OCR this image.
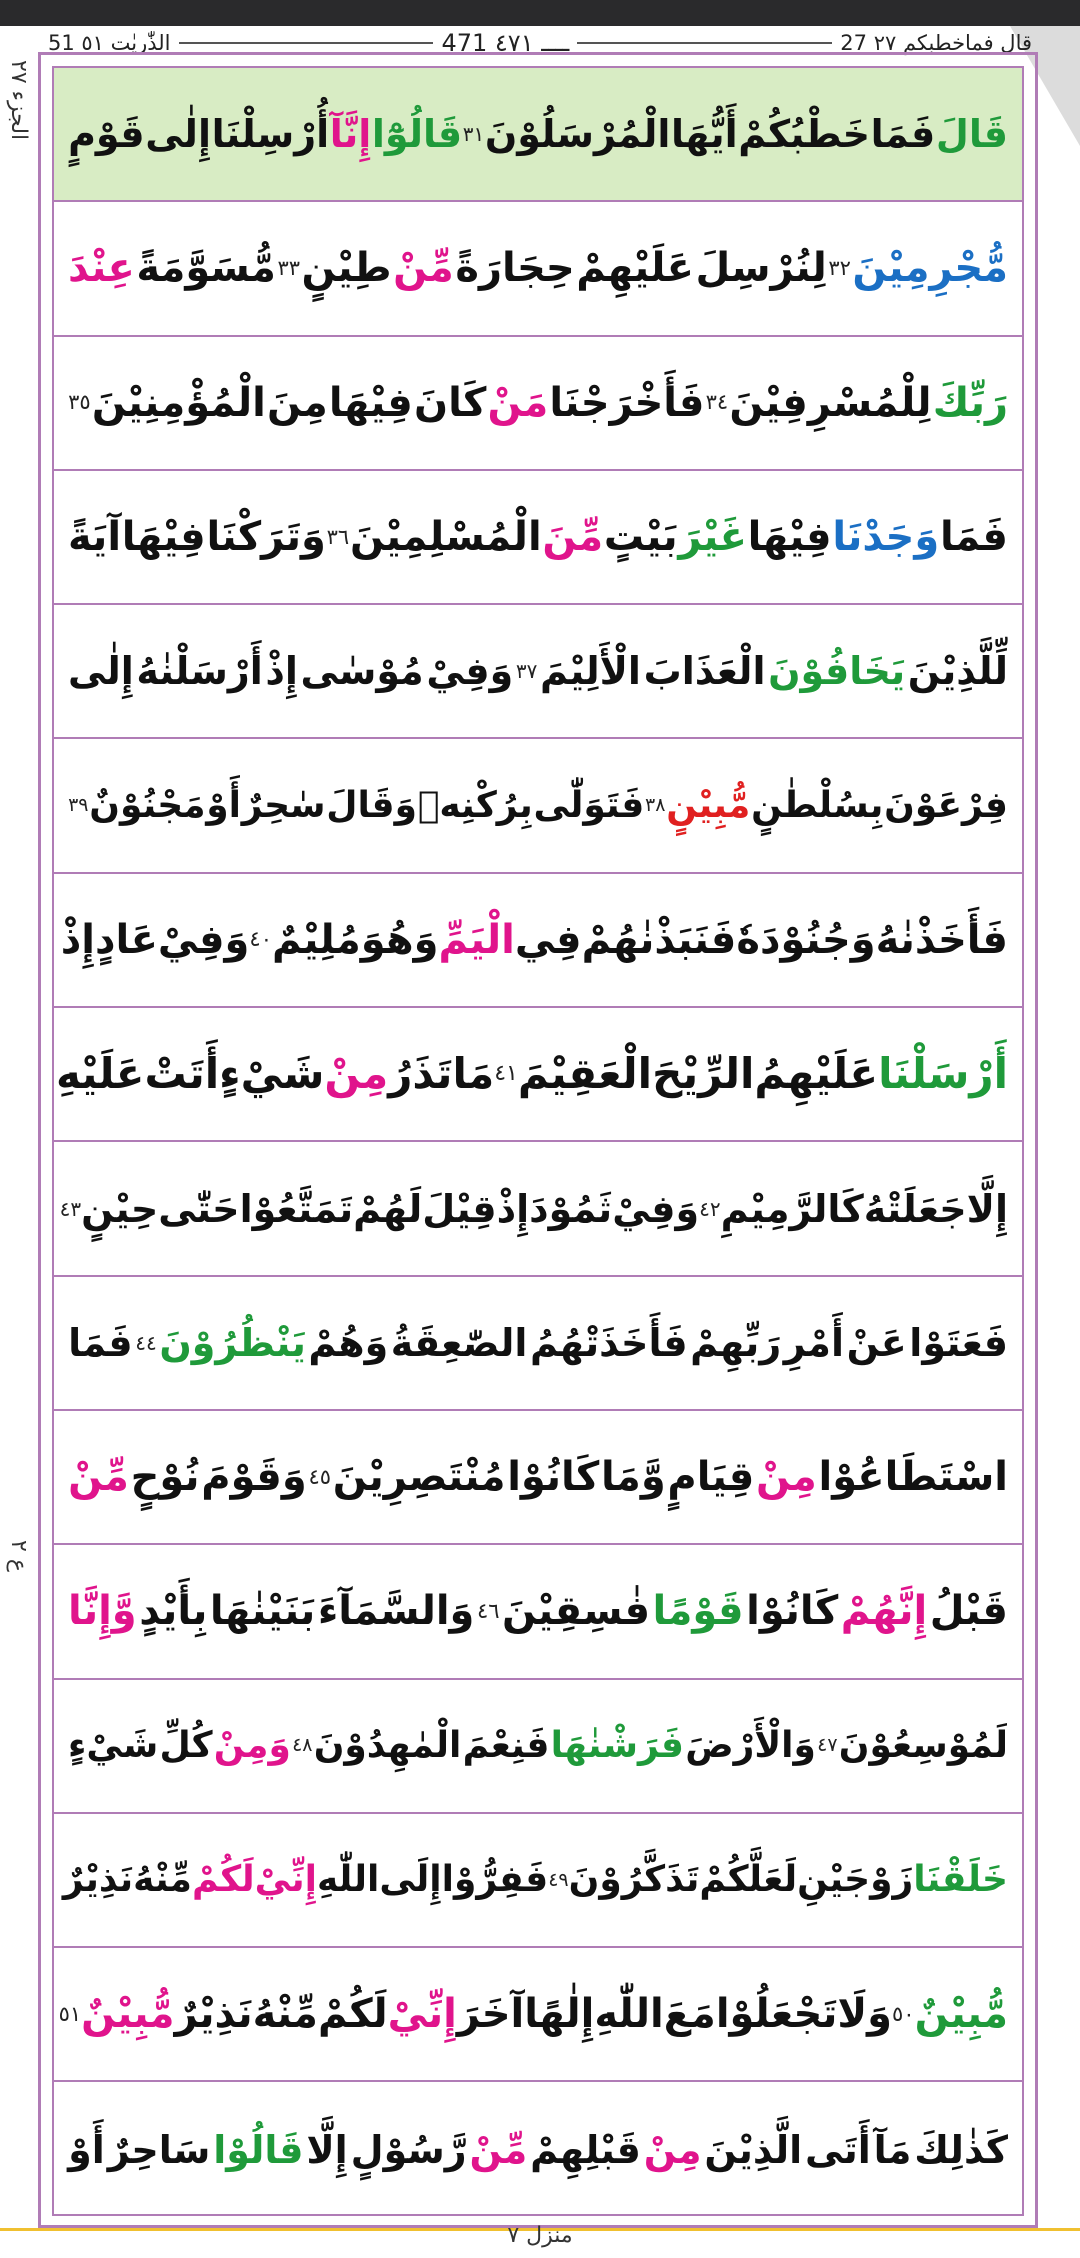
51 الذّٰریٰت ٥١	471 ــــ ٤٧١	27 قال فماخطبكم ٢٧
الجزء ٢٧
ع ٢
قَالَ
فَمَا
خَطْبُكُمْ
أَيُّهَا
الْمُرْسَلُوْنَ
٣١
قَالُوْٓا
إِنَّآ
أُرْسِلْنَا
إِلٰى
قَوْمٍ
مُّجْرِمِيْنَ
٣٢
لِنُرْسِلَ
عَلَيْهِمْ
حِجَارَةً
مِّنْ
طِيْنٍ
٣٣
مُّسَوَّمَةً
عِنْدَ
رَبِّكَ
لِلْمُسْرِفِيْنَ
٣٤
فَأَخْرَجْنَا
مَنْ
كَانَ
فِيْهَا
مِنَ
الْمُؤْمِنِيْنَ
٣٥
فَمَا
وَجَدْنَا
فِيْهَا
غَيْرَ
بَيْتٍ
مِّنَ
الْمُسْلِمِيْنَ
٣٦
وَتَرَكْنَا
فِيْهَا
آيَةً
لِّلَّذِيْنَ
يَخَافُوْنَ
الْعَذَابَ
الْأَلِيْمَ
٣٧
وَفِيْ
مُوْسٰى
إِذْ
أَرْسَلْنٰهُ
إِلٰى
فِرْعَوْنَ
بِسُلْطٰنٍ
مُّبِيْنٍ
٣٨
فَتَوَلّٰى
بِرُكْنِهٖ
وَقَالَ
سٰحِرٌ
أَوْ
مَجْنُوْنٌ
٣٩
فَأَخَذْنٰهُ
وَجُنُوْدَهٗ
فَنَبَذْنٰهُمْ
فِي
الْيَمِّ
وَهُوَ
مُلِيْمٌ
٤٠
وَفِيْ
عَادٍ
إِذْ
أَرْسَلْنَا
عَلَيْهِمُ
الرِّيْحَ
الْعَقِيْمَ
٤١
مَا
تَذَرُ
مِنْ
شَيْءٍ
أَتَتْ
عَلَيْهِ
إِلَّا
جَعَلَتْهُ
كَالرَّمِيْمِ
٤٢
وَفِيْ
ثَمُوْدَ
إِذْ
قِيْلَ
لَهُمْ
تَمَتَّعُوْا
حَتّٰى
حِيْنٍ
٤٣
فَعَتَوْا
عَنْ
أَمْرِ
رَبِّهِمْ
فَأَخَذَتْهُمُ
الصّٰعِقَةُ
وَهُمْ
يَنْظُرُوْنَ
٤٤
فَمَا
اسْتَطَاعُوْا
مِنْ
قِيَامٍ
وَّمَا
كَانُوْا
مُنْتَصِرِيْنَ
٤٥
وَقَوْمَ
نُوْحٍ
مِّنْ
قَبْلُ
إِنَّهُمْ
كَانُوْا
قَوْمًا
فٰسِقِيْنَ
٤٦
وَالسَّمَآءَ
بَنَيْنٰهَا
بِأَيْدٍ
وَّإِنَّا
لَمُوْسِعُوْنَ
٤٧
وَالْأَرْضَ
فَرَشْنٰهَا
فَنِعْمَ
الْمٰهِدُوْنَ
٤٨
وَمِنْ
كُلِّ
شَيْءٍ
خَلَقْنَا
زَوْجَيْنِ
لَعَلَّكُمْ
تَذَكَّرُوْنَ
٤٩
فَفِرُّوْا
إِلَى
اللّٰهِ
إِنِّيْ
لَكُمْ
مِّنْهُ
نَذِيْرٌ
مُّبِيْنٌ
٥٠
وَلَا
تَجْعَلُوْا
مَعَ
اللّٰهِ
إِلٰهًا
آخَرَ
إِنِّيْ
لَكُمْ
مِّنْهُ
نَذِيْرٌ
مُّبِيْنٌ
٥١
كَذٰلِكَ
مَآ
أَتَى
الَّذِيْنَ
مِنْ
قَبْلِهِمْ
مِّنْ
رَّسُوْلٍ
إِلَّا
قَالُوْا
سَاحِرٌ
أَوْ
منزل ٧
